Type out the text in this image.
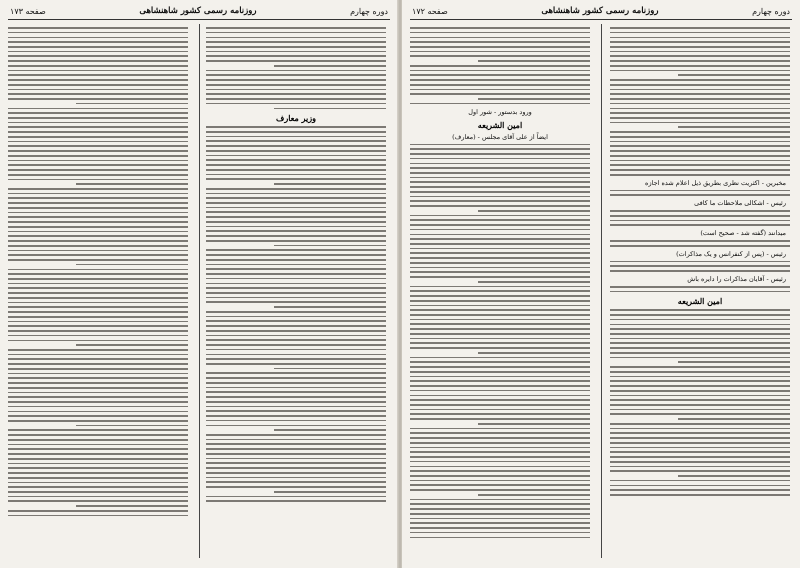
دوره چهارم
روزنامه رسمی کشور شاهنشاهی
صفحه ۱۷۳
وزیر معارف
دوره چهارم
روزنامه رسمی کشور شاهنشاهی
صفحه ۱۷۲
مخبرین - اکثریت نظری بطریق ذیل اعلام شده اجازه
رئیس - اشکالی ملاحظات ما کافی
میدانند (گفته شد - صحیح است)
رئیس - (پس از کنفرانس و یک مذاکرات)
رئیس - آقایان مذاکرات را دایره باش
امین الشریعه
ورود بدستور - شور اول
امین الشریعه
ایضاً از علی آقای مجلس - (معارف)
